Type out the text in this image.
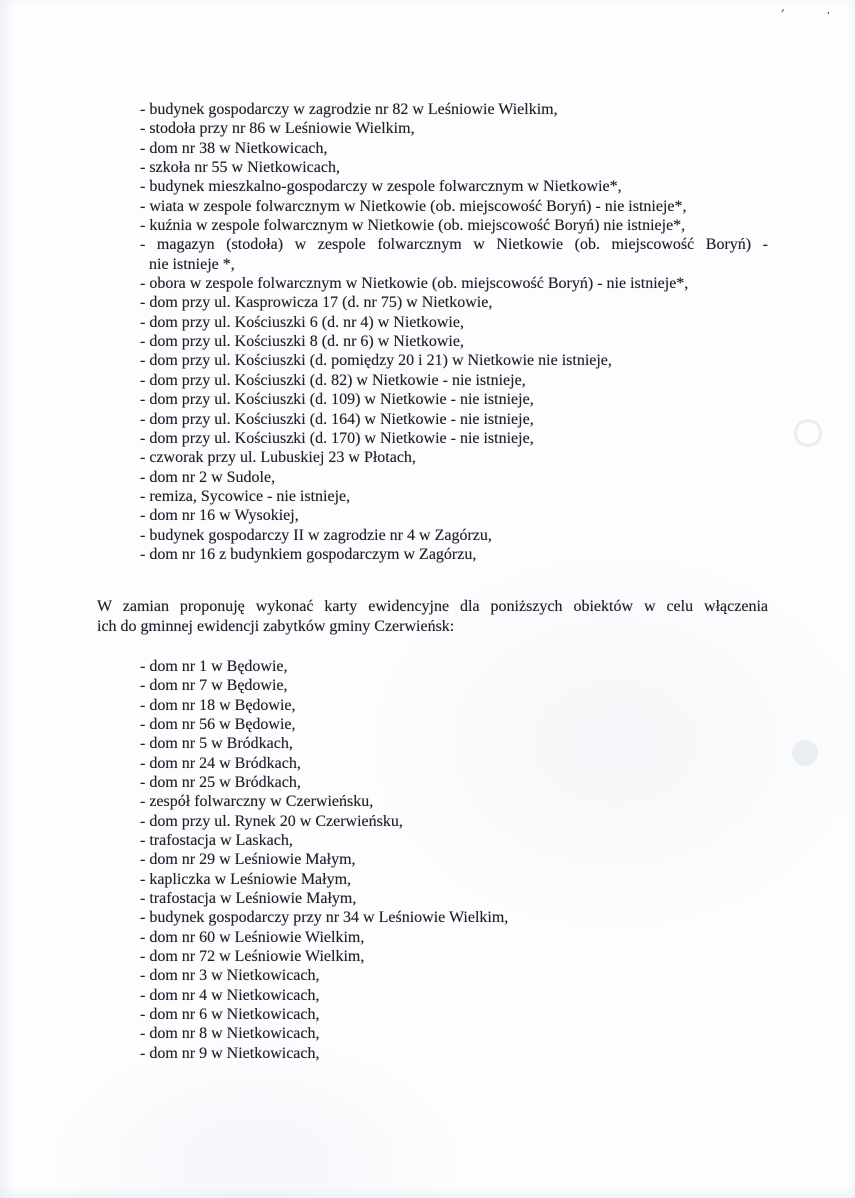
’	‘
- budynek gospodarczy w zagrodzie nr 82 w Leśniowie Wielkim,
- stodoła przy nr 86 w Leśniowie Wielkim,
- dom nr 38 w Nietkowicach,
- szkoła nr 55 w Nietkowicach,
- budynek mieszkalno-gospodarczy w zespole folwarcznym w Nietkowie*,
- wiata w zespole folwarcznym w Nietkowie (ob. miejscowość Boryń) - nie istnieje*,
- kuźnia w zespole folwarcznym w Nietkowie (ob. miejscowość Boryń) nie istnieje*,
- magazyn (stodoła) w zespole folwarcznym w Nietkowie (ob. miejscowość Boryń) -
nie istnieje *,
- obora w zespole folwarcznym w Nietkowie (ob. miejscowość Boryń) - nie istnieje*,
- dom przy ul. Kasprowicza 17 (d. nr 75) w Nietkowie,
- dom przy ul. Kościuszki 6 (d. nr 4) w Nietkowie,
- dom przy ul. Kościuszki 8 (d. nr 6) w Nietkowie,
- dom przy ul. Kościuszki (d. pomiędzy 20 i 21) w Nietkowie nie istnieje,
- dom przy ul. Kościuszki (d. 82) w Nietkowie - nie istnieje,
- dom przy ul. Kościuszki (d. 109) w Nietkowie - nie istnieje,
- dom przy ul. Kościuszki (d. 164) w Nietkowie - nie istnieje,
- dom przy ul. Kościuszki (d. 170) w Nietkowie - nie istnieje,
- czworak przy ul. Lubuskiej 23 w Płotach,
- dom nr 2 w Sudole,
- remiza, Sycowice - nie istnieje,
- dom nr 16 w Wysokiej,
- budynek gospodarczy II w zagrodzie nr 4 w Zagórzu,
- dom nr 16 z budynkiem gospodarczym w Zagórzu,
W zamian proponuję wykonać karty ewidencyjne dla poniższych obiektów w celu włączenia
ich do gminnej ewidencji zabytków gminy Czerwieńsk:
- dom nr 1 w Będowie,
- dom nr 7 w Będowie,
- dom nr 18 w Będowie,
- dom nr 56 w Będowie,
- dom nr 5 w Bródkach,
- dom nr 24 w Bródkach,
- dom nr 25 w Bródkach,
- zespół folwarczny w Czerwieńsku,
- dom przy ul. Rynek 20 w Czerwieńsku,
- trafostacja w Laskach,
- dom nr 29 w Leśniowie Małym,
- kapliczka w Leśniowie Małym,
- trafostacja w Leśniowie Małym,
- budynek gospodarczy przy nr 34 w Leśniowie Wielkim,
- dom nr 60 w Leśniowie Wielkim,
- dom nr 72 w Leśniowie Wielkim,
- dom nr 3 w Nietkowicach,
- dom nr 4 w Nietkowicach,
- dom nr 6 w Nietkowicach,
- dom nr 8 w Nietkowicach,
- dom nr 9 w Nietkowicach,
